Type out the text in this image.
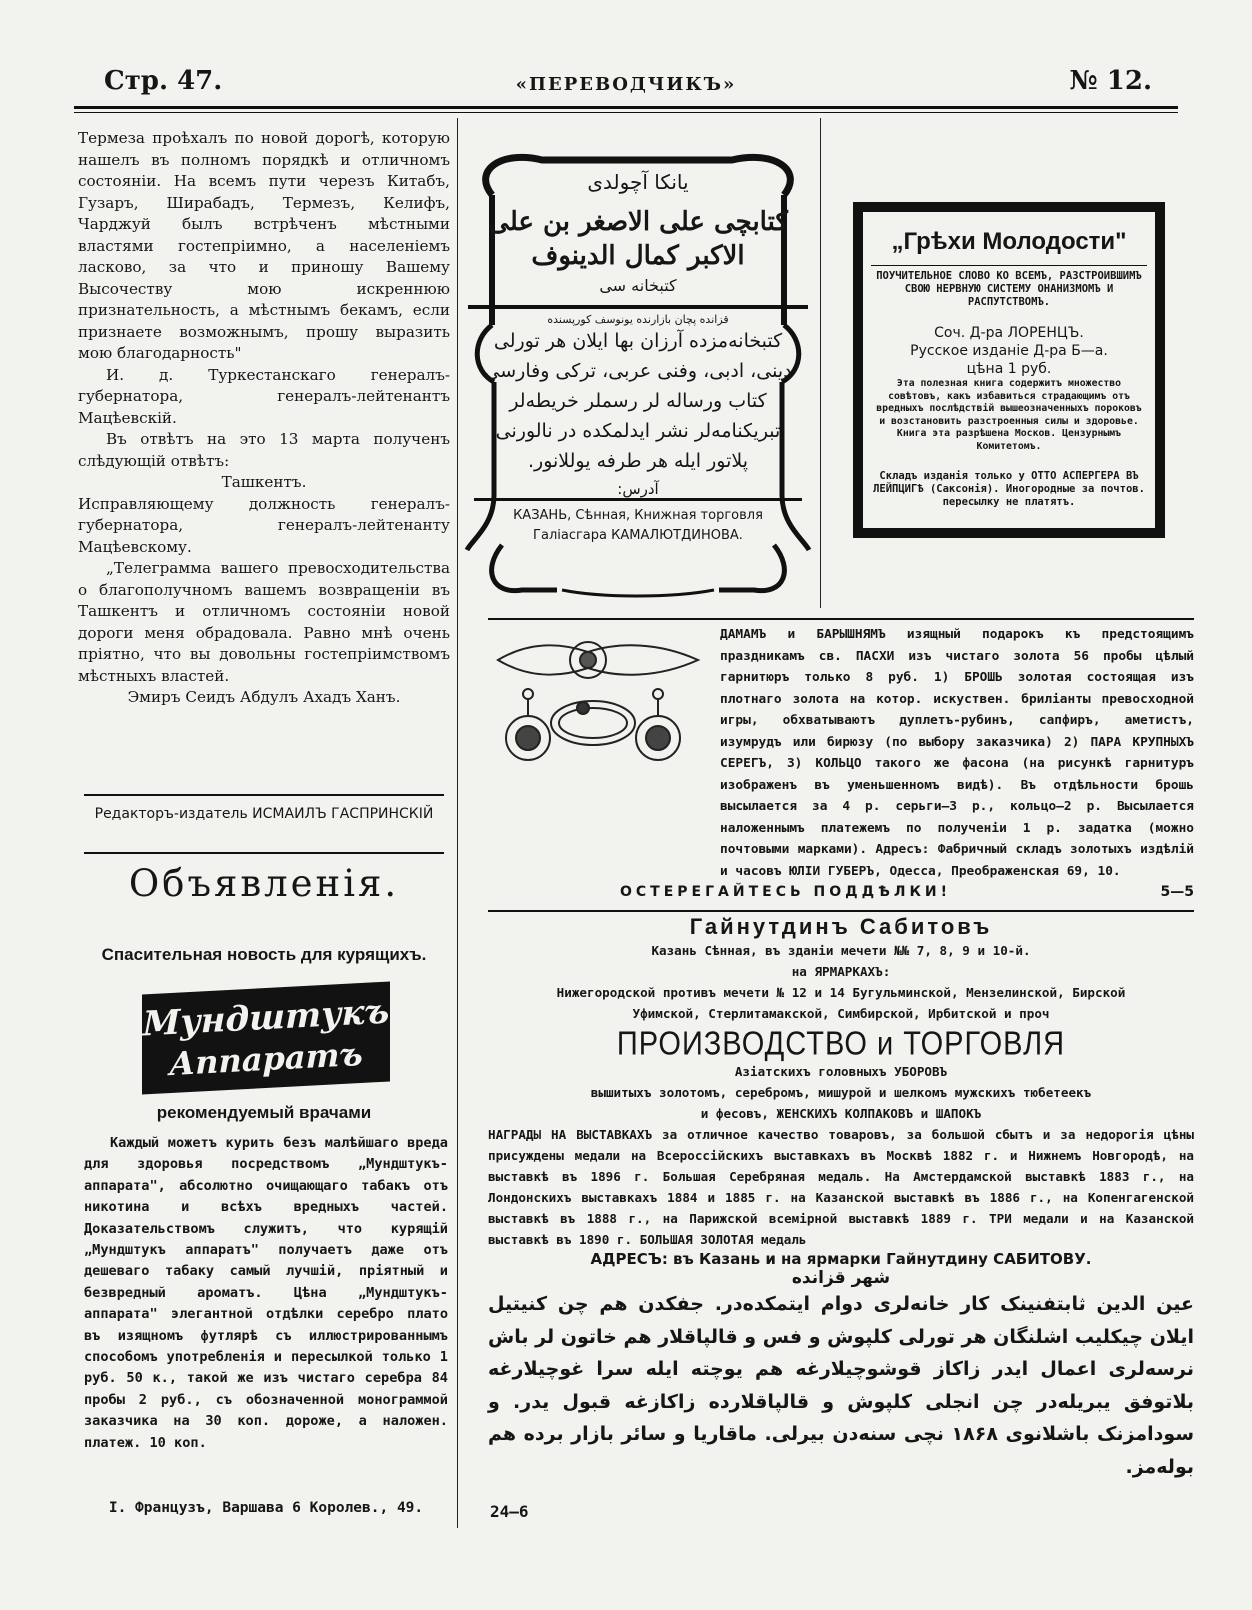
Стр. 47.	«ПЕРЕВОДЧИКЪ»	№ 12.

Термеза проѣхалъ по новой дорогѣ, которую нашелъ въ полномъ порядкѣ и отличномъ состояніи. На всемъ пути черезъ Китабъ, Гузаръ, Ширабадъ, Термезъ, Келифъ, Чарджуй былъ встрѣченъ мѣстными властями гостепріимно, а населеніемъ ласково, за что и приношу Вашему Высочеству мою искреннюю признательность, а мѣстнымъ бекамъ, если признаете возможнымъ, прошу выразить мою благодарность"

И. д. Туркестанскаго генералъ-губернатора, генералъ-лейтенантъ Мацѣевскій.

Въ отвѣтъ на это 13 марта полученъ слѣдующій отвѣтъ:

Ташкентъ.

Исправляющему должность генералъ-губернатора, генералъ-лейтенанту Мацѣевскому.

„Телеграмма вашего превосходительства о благополучномъ вашемъ возвращеніи въ Ташкентъ и отличномъ состояніи новой дороги меня обрадовала. Равно мнѣ очень пріятно, что вы довольны гостепріимствомъ мѣстныхъ властей.

Эмиръ Сеидъ Абдулъ Ахадъ Ханъ.

Редакторъ-издатель ИСМАИЛЪ ГАСПРИНСКІЙ
Объявленія.
Спасительная новость для курящихъ.
Мундштукъ
Аппаратъ
рекомендуемый врачами

Каждый можетъ курить безъ малѣйшаго вреда для здоровья посредствомъ „Мундштукъ-аппарата", абсолютно очищающаго табакъ отъ никотина и всѣхъ вредныхъ частей. Доказательствомъ служитъ, что курящій „Мундштукъ аппаратъ" получаетъ даже отъ дешеваго табаку самый лучшій, пріятный и безвредный ароматъ. Цѣна „Мундштукъ-аппарата" элегантной отдѣлки серебро плато въ изящномъ футлярѣ съ иллюстрированнымъ способомъ употребленія и пересылкой только 1 руб. 50 к., такой же изъ чистаго серебра 84 пробы 2 руб., съ обозначенной монограммой заказчика на 30 коп. дороже, а наложен. платеж. 10 коп.

І. Французъ, Варшава 6 Королев., 49.
یانکا آچولدی
کتابچی علی الاصغر بن علی الاکبر کمال الدینوف
کتبخانه سی
قزانده پچان بازارنده یونوسف کورپسنده
کتبخانه‌مزده آرزان بها ایلان هر تورلی
دینی، ادبی، وفنی عربی، ترکی وفارسی
کتاب ورساله لر رسملر خریطه‌لر
تبریکنامه‌لر نشر ایدلمکده در نالورنی
پلاتور ایله هر طرفه یوللانور.
آدرس:
КАЗАНЬ, Сѣнная, Книжная торговля
Галіасгара КАМАЛЮТДИНОВА.
„Грѣхи Молодости"
ПОУЧИТЕЛЬНОЕ СЛОВО КО ВСЕМЪ, РАЗСТРОИВШИМЪ СВОЮ НЕРВНУЮ СИСТЕМУ ОНАНИЗМОМЪ И РАСПУТСТВОМЪ.
Соч. Д-ра ЛОРЕНЦЪ.
Русское изданіе Д-ра Б—а.
цѣна 1 руб.
Эта полезная книга содержитъ множество совѣтовъ, какъ избавиться страдающимъ отъ вредныхъ послѣдствій вышеозначенныхъ пороковъ и возстановить разстроенныя силы и здоровье. Книга эта разрѣшена Москов. Цензурнымъ Комитетомъ.
Складъ изданія только у ОТТО АСПЕРГЕРА ВЪ ЛЕЙПЦИГѢ (Саксонія). Иногородные за почтов. пересылку не платятъ.
ДАМАМЪ и БАРЫШНЯМЪ изящный подарокъ къ предстоящимъ праздникамъ св. ПАСХИ изъ чистаго золота 56 пробы цѣлый гарнитюръ только 8 руб. 1) БРОШЬ золотая состоящая изъ плотнаго золота на котор. искуствен. бриліанты превосходной игры, обхватываютъ дуплетъ-рубинъ, сапфиръ, аметистъ, изумрудъ или бирюзу (по выбору заказчика) 2) ПАРА КРУПНЫХЪ СЕРЕГЪ, 3) КОЛЬЦО такого же фасона (на рисункѣ гарнитуръ изображенъ въ уменьшенномъ видѣ). Въ отдѣльности брошь высылается за 4 р. серьги—3 р., кольцо—2 р. Высылается наложеннымъ платежемъ по полученіи 1 р. задатка (можно почтовыми марками). Адресъ: Фабричный складъ золотыхъ издѣлій и часовъ ЮЛІИ ГУБЕРЪ, Одесса, Преображенская 69, 10.
ОСТЕРЕГАЙТЕСЬ ПОДДѢЛКИ!	5—5
Гайнутдинъ Сабитовъ
Казань Сѣнная, въ зданіи мечети №№ 7, 8, 9 и 10-й.
на ЯРМАРКАХЪ:
Нижегородской противъ мечети № 12 и 14 Бугульминской, Мензелинской, Бирской
Уфимской, Стерлитамакской, Симбирской, Ирбитской и проч
ПРОИЗВОДСТВО и ТОРГОВЛЯ
Азіатскихъ головныхъ УБОРОВЪ
вышитыхъ золотомъ, серебромъ, мишурой и шелкомъ мужскихъ тюбетеекъ
и фесовъ, ЖЕНСКИХЪ КОЛПАКОВЪ и ШАПОКЪ
НАГРАДЫ НА ВЫСТАВКАХЪ за отличное качество товаровъ, за большой сбытъ и за недорогія цѣны присуждены медали на Всероссійскихъ выставкахъ въ Москвѣ 1882 г. и Нижнемъ Новгородѣ, на выставкѣ въ 1896 г. Большая Серебряная медаль. На Амстердамской выставкѣ 1883 г., на Лондонскихъ выставкахъ 1884 и 1885 г. на Казанской выставкѣ въ 1886 г., на Копенгагенской выставкѣ въ 1888 г., на Парижской всемірной выставкѣ 1889 г. ТРИ медали и на Казанской выставкѣ въ 1890 г. БОЛЬШАЯ ЗОЛОТАЯ медаль
АДРЕСЪ: въ Казань и на ярмарки Гайнутдину САБИТОВУ.
شهر قزانده
عین الدین ثابتفنینک کار خانه‌لری دوام ایتمکده‌در. جفکدن هم چن کنیتیل ایلان چیکلیب اشلنگان هر تورلی کلپوش و فس و قالپاقلار هم خاتون لر باش نرسه‌لری اعمال ایدر زاکاز قوشوچیلارغه هم یوچته ایله سرا غوچیلارغه بلاتوفق یبریله‌در چن انجلی کلپوش و قالپاقلارده زاکازغه قبول یدر. و سودامزنک باشلانوی ۱۸۶۸ نچی سنه‌دن بیرلی. ماقاریا و سائر بازار برده هم بوله‌مز.
24—6
